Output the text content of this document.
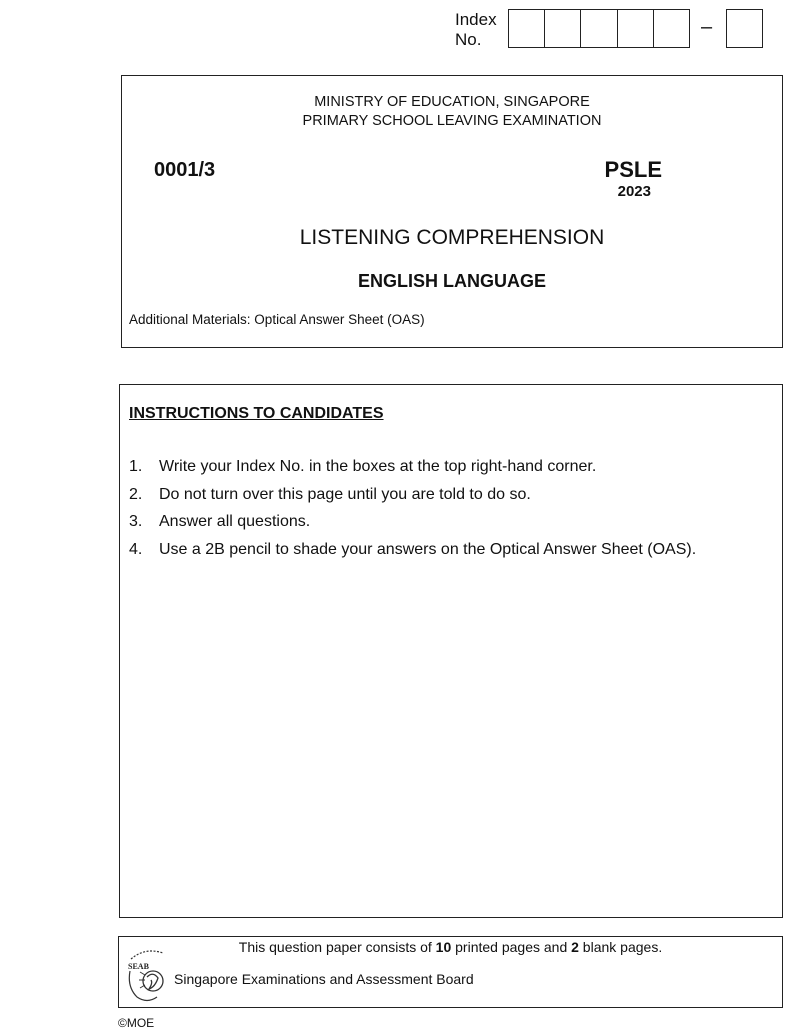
Index
No.
–
MINISTRY OF EDUCATION, SINGAPORE
PRIMARY SCHOOL LEAVING EXAMINATION
0001/3	PSLE
2023
LISTENING COMPREHENSION
ENGLISH LANGUAGE
Additional Materials: Optical Answer Sheet (OAS)
INSTRUCTIONS TO CANDIDATES
1.	Write your Index No. in the boxes at the top right-hand corner.
2.	Do not turn over this page until you are told to do so.
3.	Answer all questions.
4.	Use a 2B pencil to shade your answers on the Optical Answer Sheet (OAS).
This question paper consists of 10 printed pages and 2 blank pages.
SEAB
Singapore Examinations and Assessment Board
©MOE
